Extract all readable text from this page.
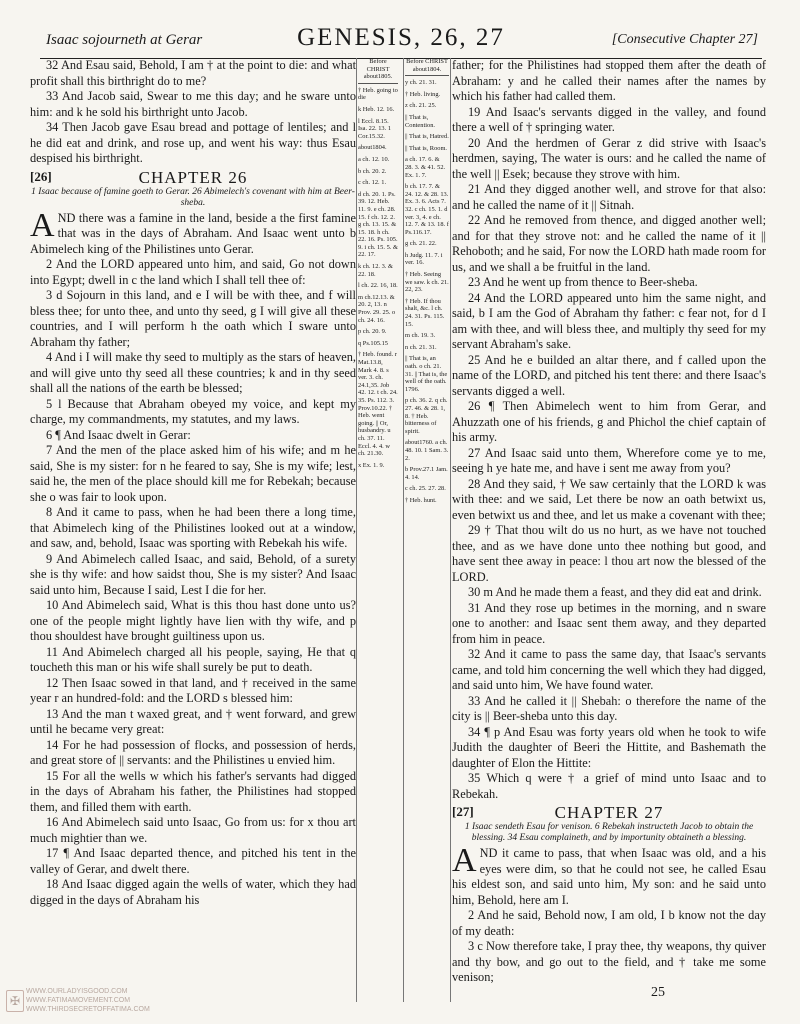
Isaac sojourneth at Gerar	GENESIS, 26, 27	[Consecutive Chapter 27]

32 And Esau said, Behold, I am † at the point to die: and what profit shall this birthright do to me?

33 And Jacob said, Swear to me this day; and he sware unto him: and k he sold his birthright unto Jacob.

34 Then Jacob gave Esau bread and pottage of lentiles; and l he did eat and drink, and rose up, and went his way: thus Esau despised his birthright.

[26]	CHAPTER 26
1 Isaac because of famine goeth to Gerar. 26 Abimelech's covenant with him at Beer-sheba.

AND there was a famine in the land, beside a the first famine that was in the days of Abraham. And Isaac went unto b Abimelech king of the Philistines unto Gerar.

2 And the LORD appeared unto him, and said, Go not down into Egypt; dwell in c the land which I shall tell thee of:

3 d Sojourn in this land, and e I will be with thee, and f will bless thee; for unto thee, and unto thy seed, g I will give all these countries, and I will perform h the oath which I sware unto Abraham thy father;

4 And i I will make thy seed to multiply as the stars of heaven, and will give unto thy seed all these countries; k and in thy seed shall all the nations of the earth be blessed;

5 l Because that Abraham obeyed my voice, and kept my charge, my commandments, my statutes, and my laws.

6 ¶ And Isaac dwelt in Gerar:

7 And the men of the place asked him of his wife; and m he said, She is my sister: for n he feared to say, She is my wife; lest, said he, the men of the place should kill me for Rebekah; because she o was fair to look upon.

8 And it came to pass, when he had been there a long time, that Abimelech king of the Philistines looked out at a window, and saw, and, behold, Isaac was sporting with Rebekah his wife.

9 And Abimelech called Isaac, and said, Behold, of a surety she is thy wife: and how saidst thou, She is my sister? And Isaac said unto him, Because I said, Lest I die for her.

10 And Abimelech said, What is this thou hast done unto us? one of the people might lightly have lien with thy wife, and p thou shouldest have brought guiltiness upon us.

11 And Abimelech charged all his people, saying, He that q toucheth this man or his wife shall surely be put to death.

12 Then Isaac sowed in that land, and † received in the same year r an hundred-fold: and the LORD s blessed him:

13 And the man t waxed great, and † went forward, and grew until he became very great:

14 For he had possession of flocks, and possession of herds, and great store of || servants: and the Philistines u envied him.

15 For all the wells w which his father's servants had digged in the days of Abraham his father, the Philistines had stopped them, and filled them with earth.

16 And Abimelech said unto Isaac, Go from us: for x thou art much mightier than we.

17 ¶ And Isaac departed thence, and pitched his tent in the valley of Gerar, and dwelt there.

18 And Isaac digged again the wells of water, which they had digged in the days of Abraham his

Before CHRIST about1805.

† Heb. going to die

k Heb. 12. 16.

l Eccl. 8.15. Isa. 22. 13. 1 Cor.15.32.

about1804.

a ch. 12. 10.

b ch. 20. 2.

c ch. 12. 1.

d ch. 20. 1. Ps. 39. 12. Heb. 11. 9. e ch. 28. 15. f ch. 12. 2. g ch. 13. 15. & 15. 18. h ch. 22. 16. Ps. 105. 9. i ch. 15. 5. & 22. 17.

k ch. 12. 3. & 22. 18.

l ch. 22. 16, 18.

m ch.12.13. & 20. 2, 13. n Prov. 29. 25. o ch. 24. 16.

p ch. 20. 9.

q Ps.105.15

† Heb. found. r Mat.13.8, Mark 4. 8. s ver. 3. ch. 24.1,35. Job 42. 12. t ch. 24. 35. Ps. 112. 3. Prov.10.22. † Heb. went going. || Or, husbandry. u ch. 37. 11. Eccl. 4. 4. w ch. 21.30.

x Ex. 1. 9.

Before CHRIST about1804.

y ch. 21. 31.

† Heb. living.

z ch. 21. 25.

|| That is, Contention.

|| That is, Hatred.

|| That is, Room.

a ch. 17. 6. & 28. 3. & 41. 52. Ex. 1. 7.

b ch. 17. 7. & 24. 12. & 28. 13. Ex. 3. 6. Acts 7. 32. c ch. 15. 1. d ver. 3, 4. e ch. 12. 7. & 13. 18. f Ps.116.17.

g ch. 21. 22.

h Judg. 11. 7. i ver. 16.

† Heb. Seeing we saw. k ch. 21. 22, 23.

† Heb. If thou shalt, &c. l ch. 24. 31. Ps. 115. 15.

m ch. 19. 3.

n ch. 21. 31.

|| That is, an oath. o ch. 21. 31. || That is, the well of the oath. 1796.

p ch. 36. 2. q ch. 27. 46. & 28. 1, 8. † Heb. bitterness of spirit.

about1760. a ch. 48. 10. 1 Sam. 3. 2.

b Prov.27.1 Jam. 4. 14.

c ch. 25. 27. 28.

† Heb. hunt.

father; for the Philistines had stopped them after the death of Abraham: y and he called their names after the names by which his father had called them.

19 And Isaac's servants digged in the valley, and found there a well of † springing water.

20 And the herdmen of Gerar z did strive with Isaac's herdmen, saying, The water is ours: and he called the name of the well || Esek; because they strove with him.

21 And they digged another well, and strove for that also: and he called the name of it || Sitnah.

22 And he removed from thence, and digged another well; and for that they strove not: and he called the name of it || Rehoboth; and he said, For now the LORD hath made room for us, and we shall a be fruitful in the land.

23 And he went up from thence to Beer-sheba.

24 And the LORD appeared unto him the same night, and said, b I am the God of Abraham thy father: c fear not, for d I am with thee, and will bless thee, and multiply thy seed for my servant Abraham's sake.

25 And he e builded an altar there, and f called upon the name of the LORD, and pitched his tent there: and there Isaac's servants digged a well.

26 ¶ Then Abimelech went to him from Gerar, and Ahuzzath one of his friends, g and Phichol the chief captain of his army.

27 And Isaac said unto them, Wherefore come ye to me, seeing h ye hate me, and have i sent me away from you?

28 And they said, † We saw certainly that the LORD k was with thee: and we said, Let there be now an oath betwixt us, even betwixt us and thee, and let us make a covenant with thee;

29 † That thou wilt do us no hurt, as we have not touched thee, and as we have done unto thee nothing but good, and have sent thee away in peace: l thou art now the blessed of the LORD.

30 m And he made them a feast, and they did eat and drink.

31 And they rose up betimes in the morning, and n sware one to another: and Isaac sent them away, and they departed from him in peace.

32 And it came to pass the same day, that Isaac's servants came, and told him concerning the well which they had digged, and said unto him, We have found water.

33 And he called it || Shebah: o therefore the name of the city is || Beer-sheba unto this day.

34 ¶ p And Esau was forty years old when he took to wife Judith the daughter of Beeri the Hittite, and Bashemath the daughter of Elon the Hittite:

35 Which q were † a grief of mind unto Isaac and to Rebekah.

[27]	CHAPTER 27
1 Isaac sendeth Esau for venison. 6 Rebekah instructeth Jacob to obtain the blessing. 34 Esau complaineth, and by importunity obtaineth a blessing.

AND it came to pass, that when Isaac was old, and a his eyes were dim, so that he could not see, he called Esau his eldest son, and said unto him, My son: and he said unto him, Behold, here am I.

2 And he said, Behold now, I am old, I b know not the day of my death:

3 c Now therefore take, I pray thee, thy weapons, thy quiver and thy bow, and go out to the field, and † take me some venison;

✠
WWW.OURLADYISGOOD.COM
WWW.FATIMAMOVEMENT.COM
WWW.THIRDSECRETOFFATIMA.COM
25
